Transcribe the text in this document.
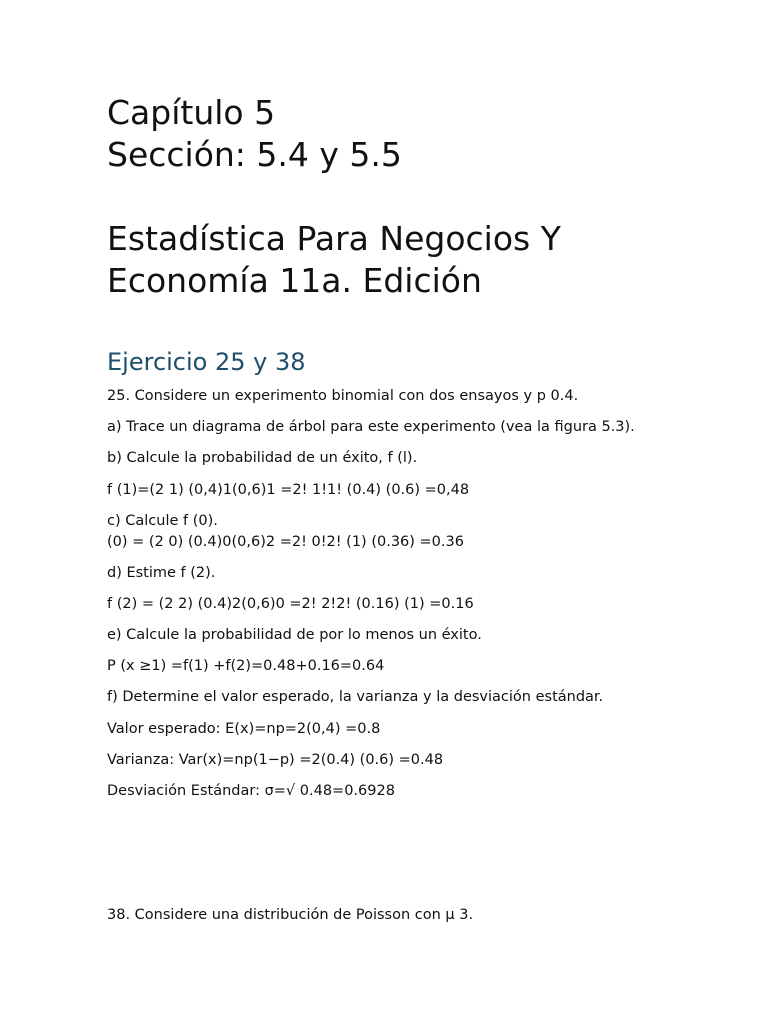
Capítulo 5
Sección: 5.4 y 5.5
Estadística Para Negocios Y
Economía 11a. Edición
Ejercicio 25 y 38

25. Considere un experimento binomial con dos ensayos y p 0.4.

a) Trace un diagrama de árbol para este experimento (vea la figura 5.3).

b) Calcule la probabilidad de un éxito, f (l).

f (1)=(2 1) (0,4)1(0,6)1 =2! 1!1! (0.4) (0.6) =0,48

c) Calcule f (0).

(0) = (2 0) (0.4)0(0,6)2 =2! 0!2! (1) (0.36) =0.36

d) Estime f (2).

f (2) = (2 2) (0.4)2(0,6)0 =2! 2!2! (0.16) (1) =0.16

e) Calcule la probabilidad de por lo menos un éxito.

P (x ≥1) =f(1) +f(2)=0.48+0.16=0.64

f) Determine el valor esperado, la varianza y la desviación estándar.

Valor esperado: E(x)=np=2(0,4) =0.8

Varianza: Var(x)=np(1−p) =2(0.4) (0.6) =0.48

Desviación Estándar: σ=√ 0.48=0.6928

38. Considere una distribución de Poisson con μ 3.
